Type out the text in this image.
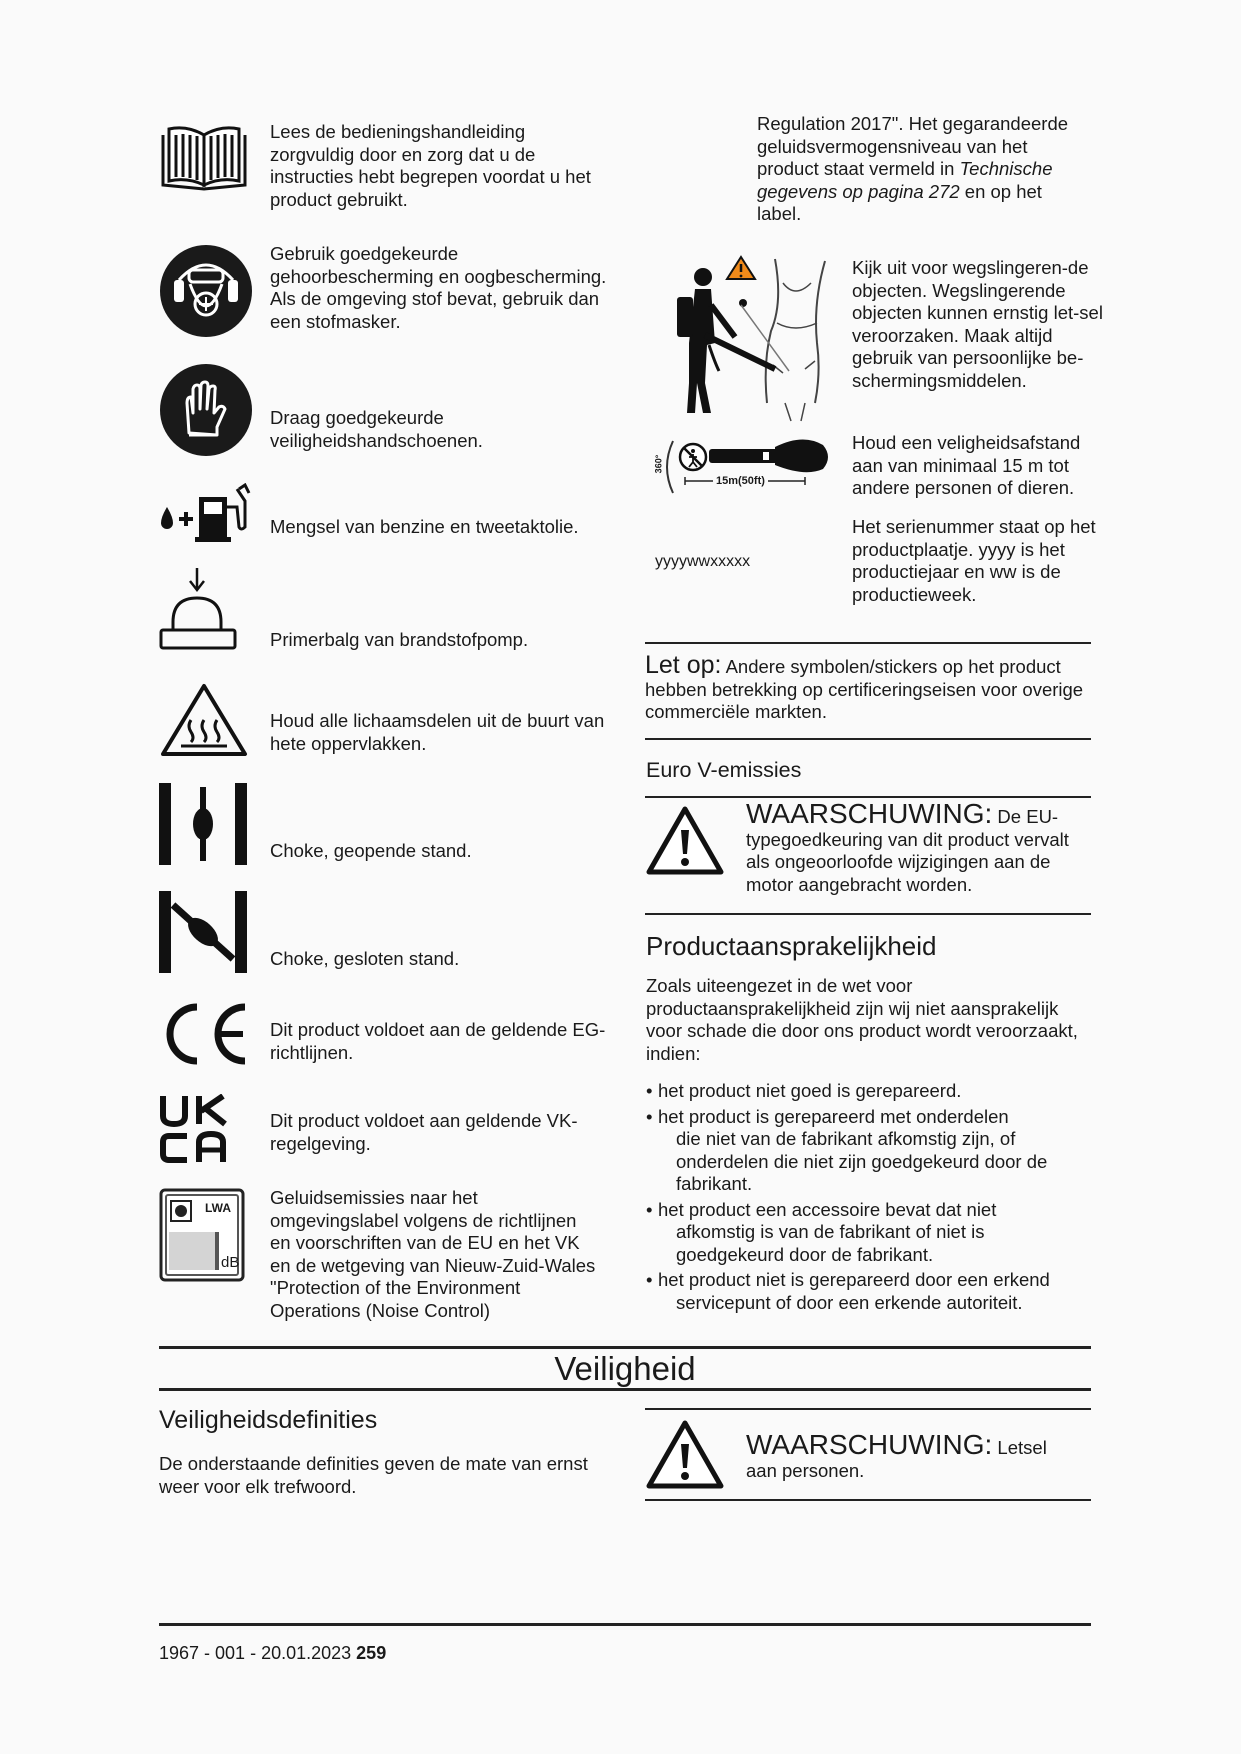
Lees de bedieningshandleiding zorgvuldig door en zorg dat u de instructies hebt begrepen voordat u het product gebruikt.
Gebruik goedgekeurde gehoorbescherming en oogbescherming. Als de omgeving stof bevat, gebruik dan een stofmasker.
Draag goedgekeurde veiligheidshandschoenen.
Mengsel van benzine en tweetaktolie.
Primerbalg van brandstofpomp.
Houd alle lichaamsdelen uit de buurt van hete oppervlakken.
Choke, geopende stand.
Choke, gesloten stand.
Dit product voldoet aan de geldende EG-richtlijnen.
Dit product voldoet aan geldende VK-regelgeving.
LWA
dB
Geluidsemissies naar het omgevingslabel volgens de richtlijnen en voorschriften van de EU en het VK en de wetgeving van Nieuw-Zuid-Wales "Protection of the Environment Operations (Noise Control)
Regulation 2017". Het gegarandeerde geluidsvermogensniveau van het product staat vermeld in Technische gegevens op pagina 272 en op het label.
Kijk uit voor wegslingeren-de objecten. Wegslingerende objecten kunnen ernstig let-sel veroorzaken. Maak altijd gebruik van persoonlijke be-schermingsmiddelen.
360°
15m(50ft)
Houd een veligheidsafstand aan van minimaal 15 m tot andere personen of dieren.
yyyywwxxxxx
Het serienummer staat op het productplaatje. yyyy is het productiejaar en ww is de productieweek.
Let op: Andere symbolen/stickers op het product hebben betrekking op certificeringseisen voor overige commerciële markten.
Euro V-emissies
WAARSCHUWING: De EU-typegoedkeuring van dit product vervalt als ongeoorloofde wijzigingen aan de motor aangebracht worden.
Productaansprakelijkheid
Zoals uiteengezet in de wet voor productaansprakelijkheid zijn wij niet aansprakelijk voor schade die door ons product wordt veroorzaakt, indien:
• het product niet goed is gerepareerd.
• het product is gerepareerd met onderdelen
die niet van de fabrikant afkomstig zijn, of onderdelen die niet zijn goedgekeurd door de fabrikant.
• het product een accessoire bevat dat niet
afkomstig is van de fabrikant of niet is goedgekeurd door de fabrikant.
• het product niet is gerepareerd door een erkend
servicepunt of door een erkende autoriteit.
Veiligheid
Veiligheidsdefinities
De onderstaande definities geven de mate van ernst weer voor elk trefwoord.
WAARSCHUWING: Letsel aan personen.
1967 - 001 - 20.01.2023 259
